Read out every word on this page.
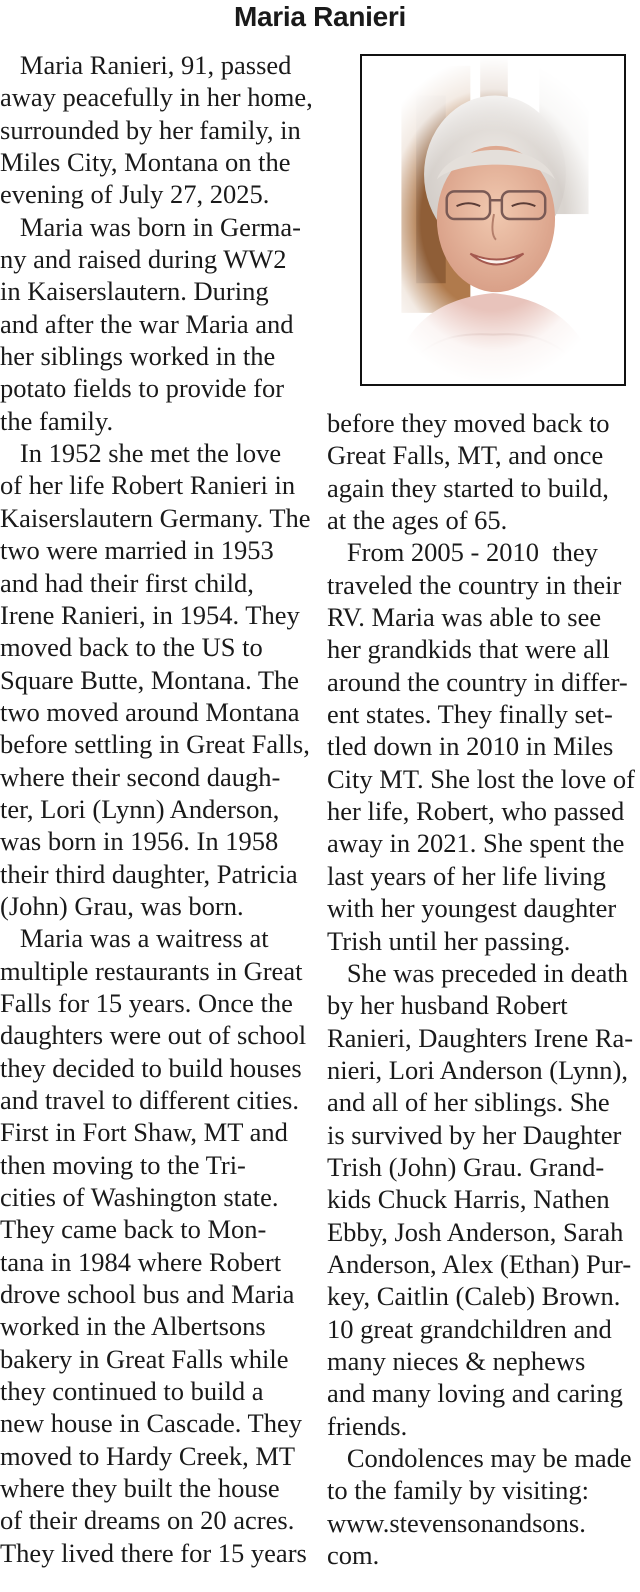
Maria Ranieri
Maria Ranieri, 91, passed
away peacefully in her home,
surrounded by her family, in
Miles City, Montana on the
evening of July 27, 2025.
Maria was born in Germa-
ny and raised during WW2
in Kaiserslautern. During
and after the war Maria and
her siblings worked in the
potato fields to provide for
the family.
In 1952 she met the love
of her life Robert Ranieri in
Kaiserslautern Germany. The
two were married in 1953
and had their first child,
Irene Ranieri, in 1954. They
moved back to the US to
Square Butte, Montana. The
two moved around Montana
before settling in Great Falls,
where their second daugh-
ter, Lori (Lynn) Anderson,
was born in 1956. In 1958
their third daughter, Patricia
(John) Grau, was born.
Maria was a waitress at
multiple restaurants in Great
Falls for 15 years. Once the
daughters were out of school
they decided to build houses
and travel to different cities.
First in Fort Shaw, MT and
then moving to the Tri-
cities of Washington state.
They came back to Mon-
tana in 1984 where Robert
drove school bus and Maria
worked in the Albertsons
bakery in Great Falls while
they continued to build a
new house in Cascade. They
moved to Hardy Creek, MT
where they built the house
of their dreams on 20 acres.
They lived there for 15 years
before they moved back to
Great Falls, MT, and once
again they started to build,
at the ages of 65.
From 2005 - 2010  they
traveled the country in their
RV. Maria was able to see
her grandkids that were all
around the country in differ-
ent states. They finally set-
tled down in 2010 in Miles
City MT. She lost the love of
her life, Robert, who passed
away in 2021. She spent the
last years of her life living
with her youngest daughter
Trish until her passing.
She was preceded in death
by her husband Robert
Ranieri, Daughters Irene Ra-
nieri, Lori Anderson (Lynn),
and all of her siblings. She
is survived by her Daughter
Trish (John) Grau. Grand-
kids Chuck Harris, Nathen
Ebby, Josh Anderson, Sarah
Anderson, Alex (Ethan) Pur-
key, Caitlin (Caleb) Brown.
10 great grandchildren and
many nieces & nephews
and many loving and caring
friends.
Condolences may be made
to the family by visiting:
www.stevensonandsons.
com.
